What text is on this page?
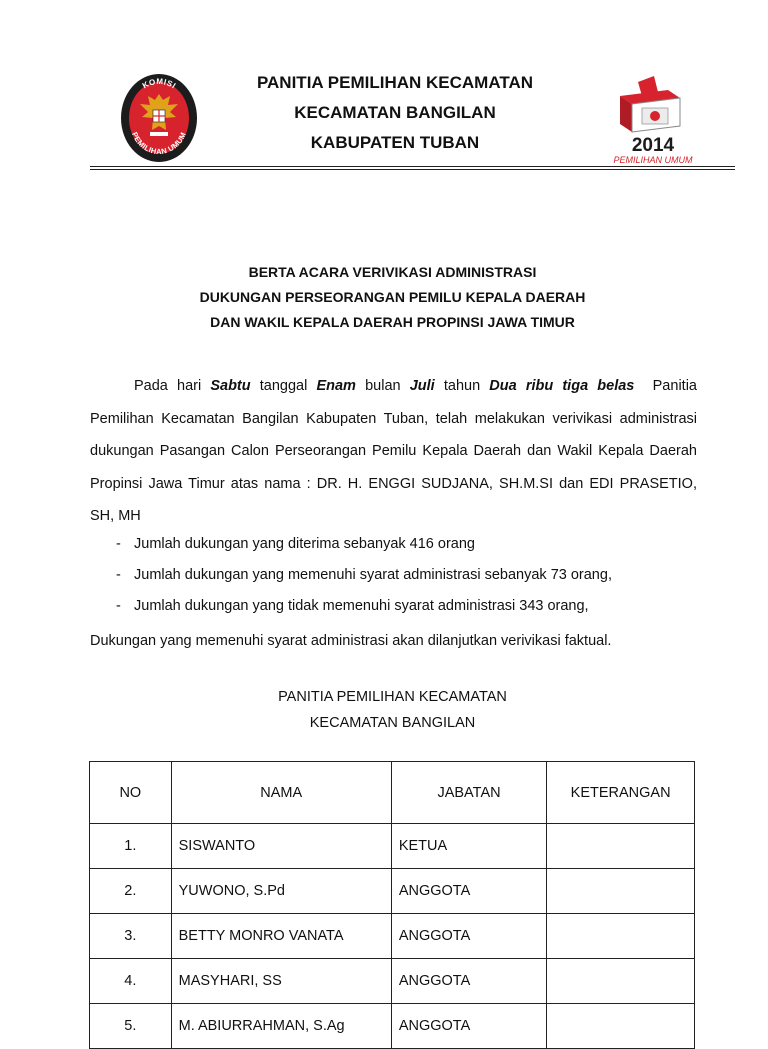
KOMISI
PEMILIHAN UMUM
PANITIA PEMILIHAN KECAMATAN
KECAMATAN BANGILAN
KABUPATEN TUBAN	2014
PEMILIHAN UMUM
BERTA ACARA VERIVIKASI ADMINISTRASI
DUKUNGAN PERSEORANGAN PEMILU KEPALA DAERAH
DAN WAKIL KEPALA DAERAH PROPINSI JAWA TIMUR
Pada hari Sabtu tanggal Enam bulan Juli tahun Dua ribu tiga belas Panitia Pemilihan Kecamatan Bangilan Kabupaten Tuban, telah melakukan verivikasi administrasi dukungan Pasangan Calon Perseorangan Pemilu Kepala Daerah dan Wakil Kepala Daerah Propinsi Jawa Timur atas nama : DR. H. ENGGI SUDJANA, SH.M.SI dan EDI PRASETIO, SH, MH
- Jumlah dukungan yang diterima sebanyak 416 orang
- Jumlah dukungan yang memenuhi syarat administrasi sebanyak 73 orang,
- Jumlah dukungan yang tidak memenuhi syarat administrasi 343 orang,
Dukungan yang memenuhi syarat administrasi akan dilanjutkan verivikasi faktual.
PANITIA PEMILIHAN KECAMATAN
KECAMATAN BANGILAN
NO	NAMA	JABATAN	KETERANGAN
1.	SISWANTO	KETUA	
2.	YUWONO, S.Pd	ANGGOTA	
3.	BETTY MONRO VANATA	ANGGOTA	
4.	MASYHARI, SS	ANGGOTA	
5.	M. ABIURRAHMAN, S.Ag	ANGGOTA	
